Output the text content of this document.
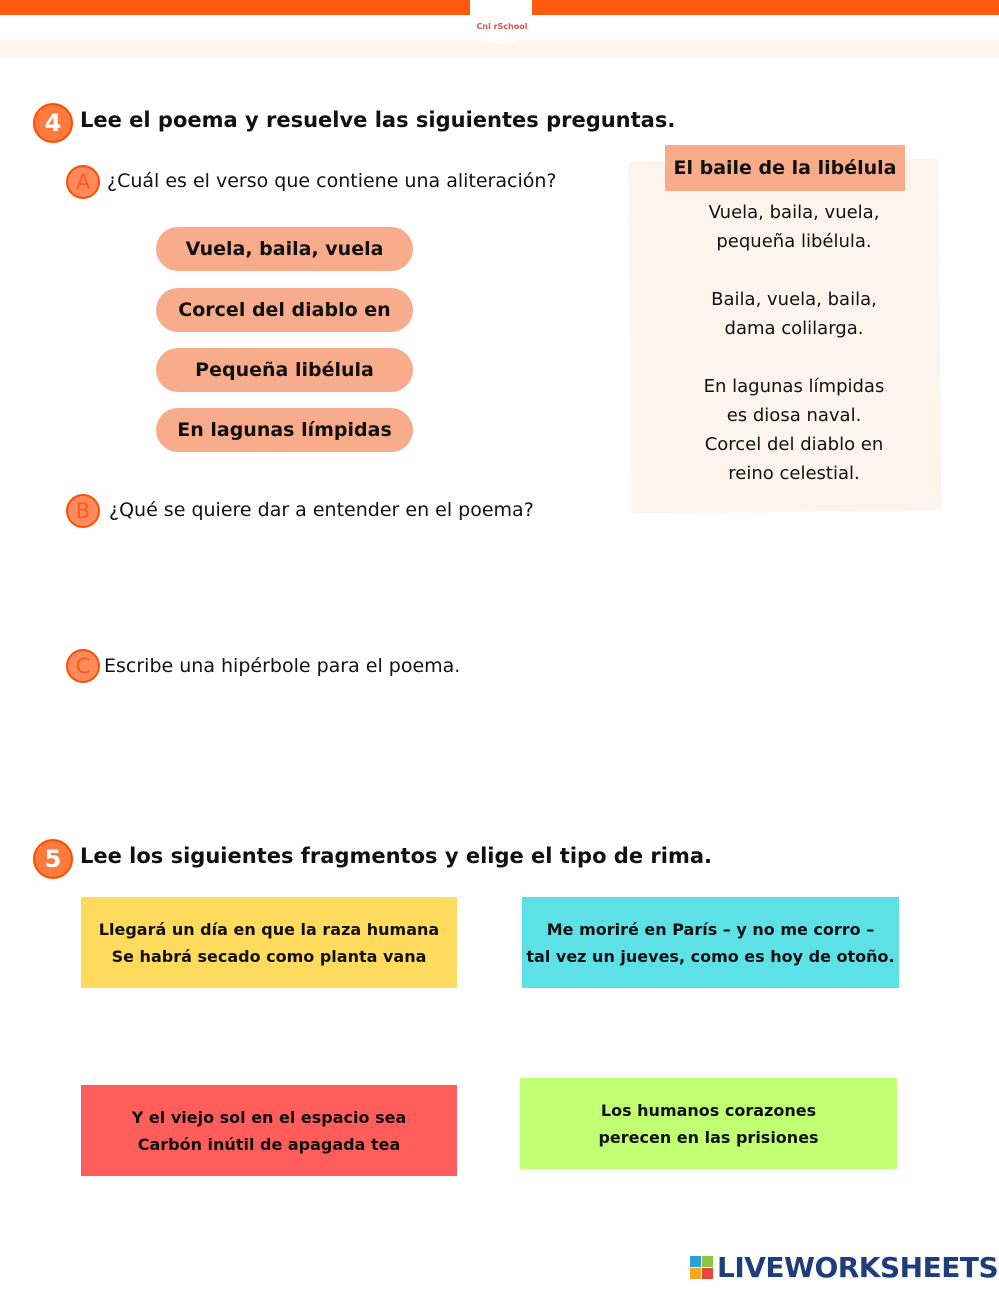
Cnl rSchool
4 Lee el poema y resuelve las siguientes preguntas.
A ¿Cuál es el verso que contiene una aliteración?
Vuela, baila, vuela
Corcel del diablo en
Pequeña libélula
En lagunas límpidas
B ¿Qué se quiere dar a entender en el poema?
C Escribe una hipérbole para el poema.
El baile de la libélula
Vuela, baila, vuela,
pequeña libélula.
Baila, vuela, baila,
dama colilarga.
En lagunas límpidas
es diosa naval.
Corcel del diablo en
reino celestial.
5 Lee los siguientes fragmentos y elige el tipo de rima.
Llegará un día en que la raza humana
Se habrá secado como planta vana
Me moriré en París – y no me corro –
tal vez un jueves, como es hoy de otoño.
Y el viejo sol en el espacio sea
Carbón inútil de apagada tea
Los humanos corazones
perecen en las prisiones
LIVEWORKSHEETS
